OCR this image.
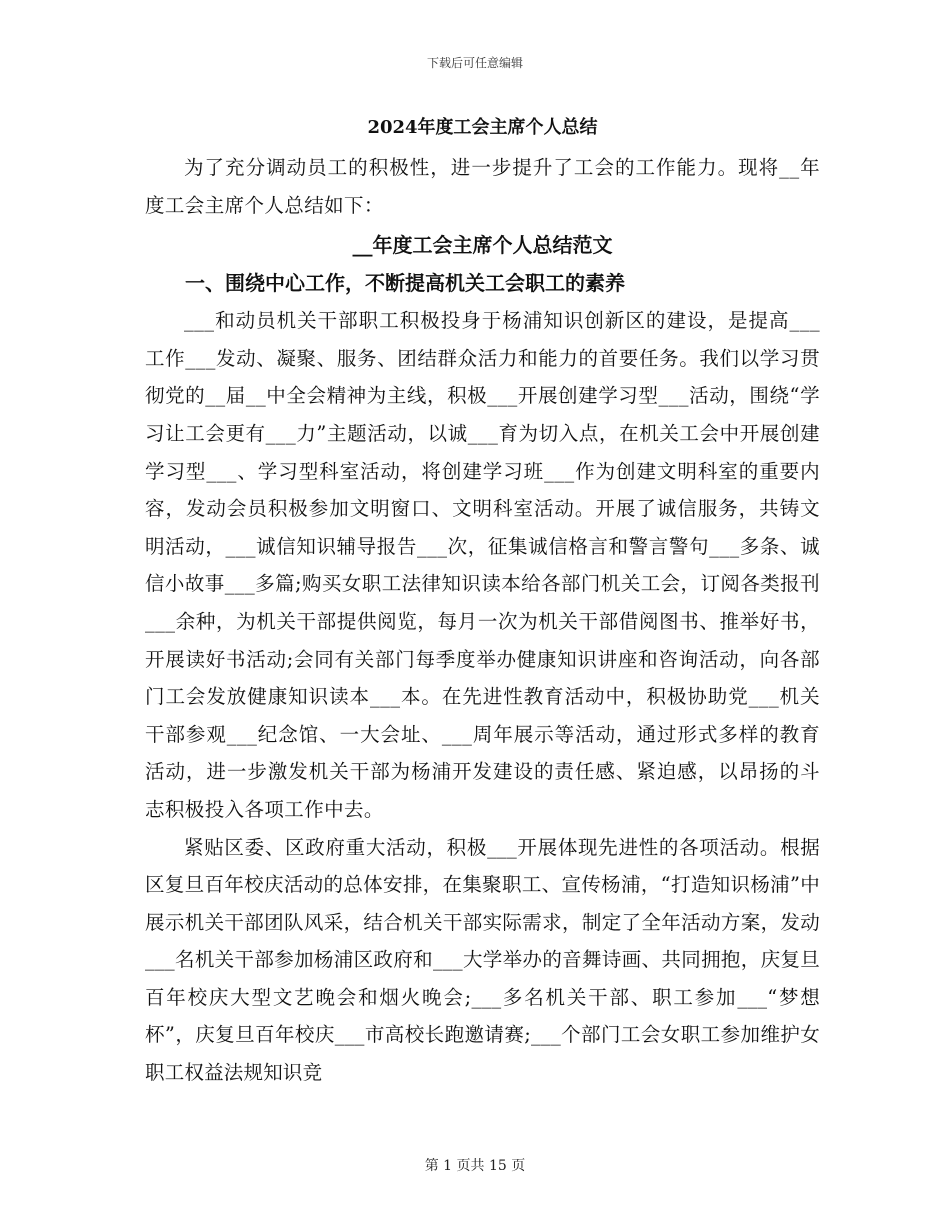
下载后可任意编辑
2024年度工会主席个人总结

为了充分调动员工的积极性，进一步提升了工会的工作能力。现将__年度工会主席个人总结如下：

__年度工会主席个人总结范文
一、围绕中心工作，不断提高机关工会职工的素养

___和动员机关干部职工积极投身于杨浦知识创新区的建设，是提高___工作___发动、凝聚、服务、团结群众活力和能力的首要任务。我们以学习贯彻党的__届__中全会精神为主线，积极___开展创建学习型___活动，围绕“学习让工会更有___力”主题活动，以诚___育为切入点，在机关工会中开展创建学习型___、学习型科室活动，将创建学习班___作为创建文明科室的重要内容，发动会员积极参加文明窗口、文明科室活动。开展了诚信服务，共铸文明活动，___诚信知识辅导报告___次，征集诚信格言和警言警句___多条、诚信小故事___多篇;购买女职工法律知识读本给各部门机关工会，订阅各类报刊___余种，为机关干部提供阅览，每月一次为机关干部借阅图书、推举好书，开展读好书活动;会同有关部门每季度举办健康知识讲座和咨询活动，向各部门工会发放健康知识读本___本。在先进性教育活动中，积极协助党___机关干部参观___纪念馆、一大会址、___周年展示等活动，通过形式多样的教育活动，进一步激发机关干部为杨浦开发建设的责任感、紧迫感，以昂扬的斗志积极投入各项工作中去。

紧贴区委、区政府重大活动，积极___开展体现先进性的各项活动。根据区复旦百年校庆活动的总体安排，在集聚职工、宣传杨浦，“打造知识杨浦”中展示机关干部团队风采，结合机关干部实际需求，制定了全年活动方案，发动___名机关干部参加杨浦区政府和___大学举办的音舞诗画、共同拥抱，庆复旦百年校庆大型文艺晚会和烟火晚会;___多名机关干部、职工参加___“梦想杯”，庆复旦百年校庆___市高校长跑邀请赛;___个部门工会女职工参加维护女职工权益法规知识竞

第 1 页共 15 页
